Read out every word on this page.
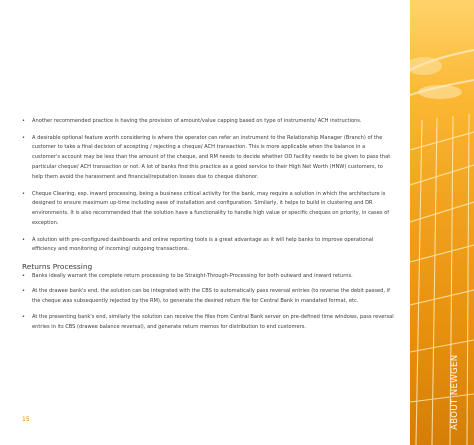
• Another recommended practice is having the provision of amount/value capping based on type of instruments/ ACH instructions.
• A desirable optional feature worth considering is where the operator can refer an instrument to the Relationship Manager (Branch) of the customer to take a final decision of accepting / rejecting a cheque/ ACH transaction. This is more applicable when the balance in a customer's account may be less than the amount of the cheque, and RM needs to decide whether OD facility needs to be given to pass that particular cheque/ ACH transaction or not. A lot of banks find this practice as a good service to their High Net Worth (HNW) customers, to help them avoid the harassment and financial/reputation losses due to cheque dishonor.
• Cheque Clearing, esp. inward processing, being a business critical activity for the bank, may require a solution in which the architecture is designed to ensure maximum up-time including ease of installation and configuration. Similarly, it helps to build in clustering and DR environments. It is also recommended that the solution have a functionality to handle high value or specific cheques on priority, in cases of exception.
• A solution with pre-configured dashboards and online reporting tools is a great advantage as it will help banks to improve operational efficiency and monitoring of incoming/ outgoing transactions.
Returns Processing
• Banks ideally warrant the complete return processing to be Straight-Through-Processing for both outward and inward returns.
• At the drawee bank's end, the solution can be integrated with the CBS to automatically pass reversal entries (to reverse the debit passed, if the cheque was subsequently rejected by the RM), to generate the desired return file for Central Bank in mandated format, etc.
• At the presenting bank's end, similarly the solution can receive the files from Central Bank server on pre-defined time windows, pass reversal entries in its CBS (drawee balance reversal), and generate return memos for distribution to end customers.
15	ABOUT NEWGEN
